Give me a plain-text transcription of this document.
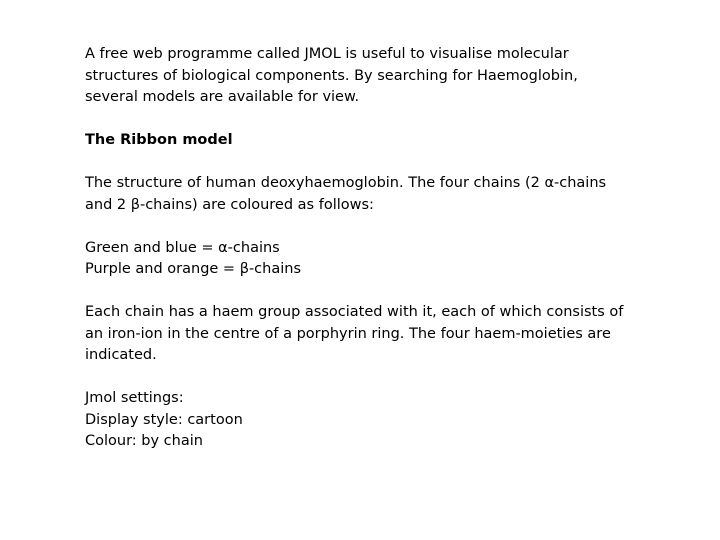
A free web programme called JMOL is useful to visualise molecular
structures of biological components. By searching for Haemoglobin,
several models are available for view.

The Ribbon model

The structure of human deoxyhaemoglobin. The four chains (2 α-chains
and 2 β-chains) are coloured as follows:

Green and blue = α-chains
Purple and orange = β-chains

Each chain has a haem group associated with it, each of which consists of
an iron-ion in the centre of a porphyrin ring. The four haem-moieties are
indicated.

Jmol settings:
Display style: cartoon
Colour: by chain
